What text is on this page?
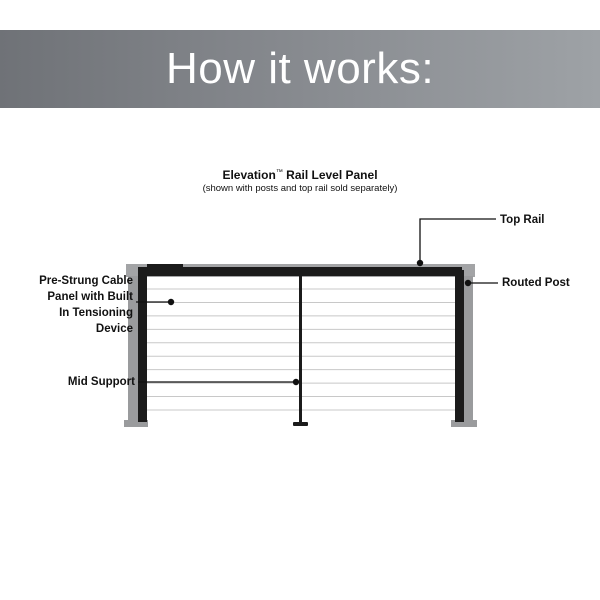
How it works:
Elevation™ Rail Level Panel
(shown with posts and top rail sold separately)
Top Rail
Routed Post
Pre-Strung Cable
Panel with Built
In Tensioning
Device
Mid Support
